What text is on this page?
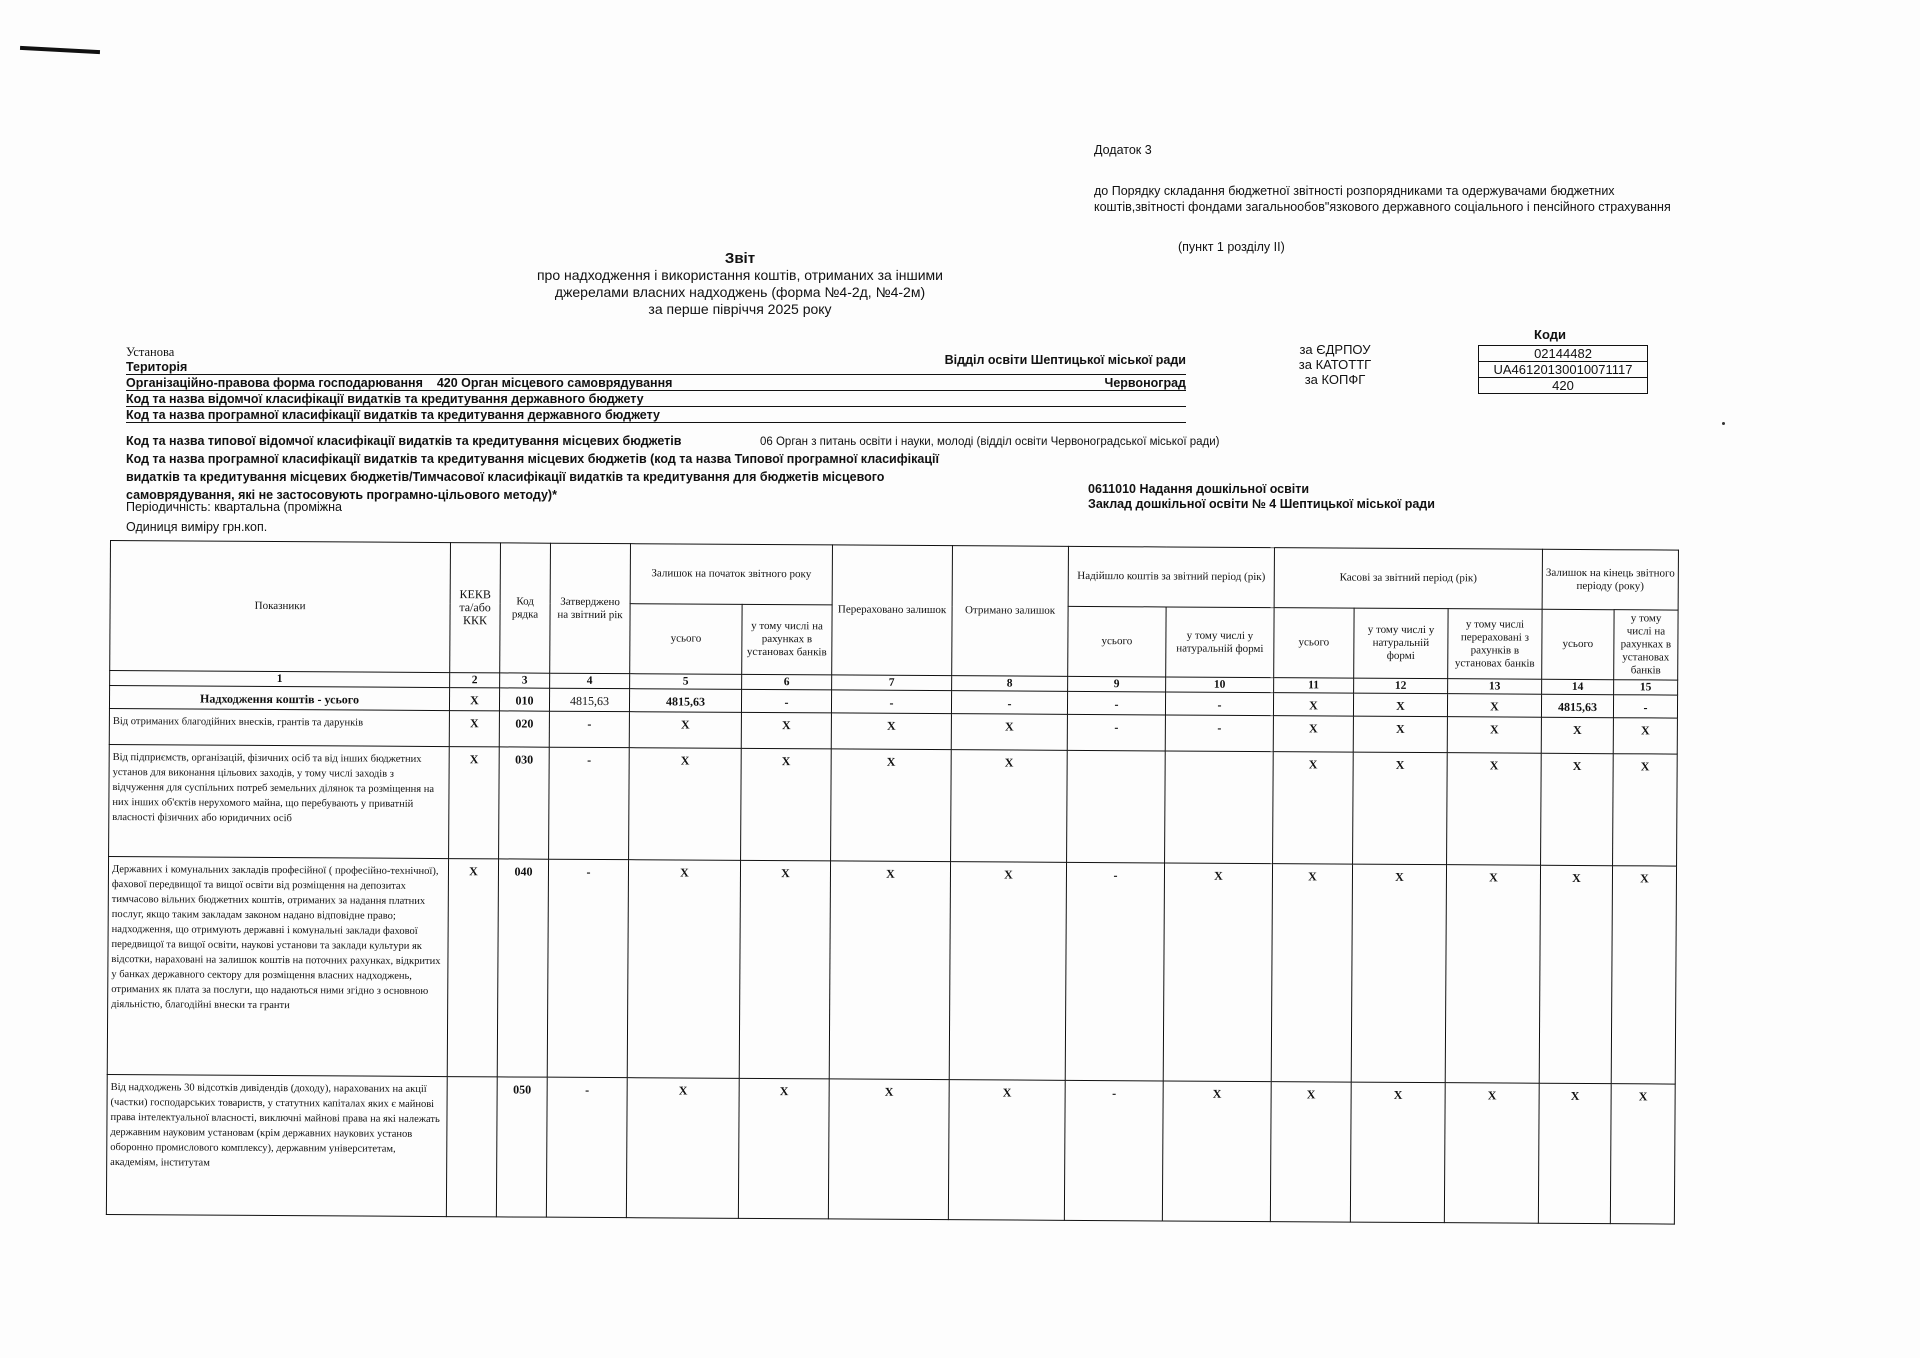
Додаток 3
до Порядку складання бюджетної звітності розпорядниками та одержувачами бюджетних коштів,звітності фондами загальнообов"язкового державного соціального і пенсійного страхування
(пункт 1 розділу II)
Звіт
про надходження і використання коштів, отриманих за іншими
джерелами власних надходжень (форма №4-2д, №4-2м)
за перше півріччя 2025 року
за ЄДРПОУ
за КАТОТТГ
за КОПФГ
Коди
02144482
UA46120130010071117
420
Установа
Територія	Відділ освіти Шептицької міської ради
Організаційно-правова форма господарювання 420 Орган місцевого самоврядування	Червоноград
Код та назва відомчої класифікації видатків та кредитування державного бюджету
Код та назва програмної класифікації видатків та кредитування державного бюджету
Код та назва типової відомчої класифікації видатків та кредитування місцевих бюджетів	06 Орган з питань освіти і науки, молоді (відділ освіти Червоноградської міської ради)
Код та назва програмної класифікації видатків та кредитування місцевих бюджетів (код та назва Типової програмної класифікації видатків та кредитування місцевих бюджетів/Тимчасової класифікації видатків та кредитування для бюджетів місцевого самоврядування, які не застосовують програмно-цільового методу)*	0611010 Надання дошкільної освіти
Заклад дошкільної освіти № 4 Шептицької міської ради
Періодичність: квартальна (проміжна
Одиниця виміру грн.коп.
Показники	КЕКВ та/або ККК	Код рядка	Затверджено на звітний рік	Залишок на початок звітного року		Перераховано залишок	Отримано залишок	Надійшло коштів за звітний період (рік)		Касові за звітний період (рік)			Залишок на кінець звітного періоду (року)	
				усього	у тому числі на рахунках в установах банків			усього	у тому числі у натуральній формі	усього	у тому числі у натуральній формі	у тому числі перераховані з рахунків в установах банків	усього	у тому числі на рахунках в установах банків
1	2	3	4	5	6	7	8	9	10	11	12	13	14	15
Надходження коштів - усього	X	010	4815,63	4815,63	-	-	-	-	-	X	X	X	4815,63	-
Від отриманих благодійних внесків, грантів та дарунків	X	020	-	X	X	X	X	-	-	X	X	X	X	X
Від підприємств, організацій, фізичних осіб та від інших бюджетних установ для виконання цільових заходів, у тому числі заходів з відчуження для суспільних потреб земельних ділянок та розміщення на них інших об'єктів нерухомого майна, що перебувають у приватній власності фізичних або юридичних осіб	X	030	-	X	X	X	X			X	X	X	X	X
Державних і комунальних закладів професійної ( професійно-технічної), фахової передвищої та вищої освіти від розміщення на депозитах тимчасово вільних бюджетних коштів, отриманих за надання платних послуг, якщо таким закладам законом надано відповідне право; надходження, що отримують державні і комунальні заклади фахової передвищої та вищої освіти, наукові установи та заклади культури як відсотки, нараховані на залишок коштів на поточних рахунках, відкритих у банках державного сектору для розміщення власних надходжень, отриманих як плата за послуги, що надаються ними згідно з основною діяльністю, благодійні внески та гранти	X	040	-	X	X	X	X	-	X	X	X	X	X	X
Від надходжень 30 відсотків дивідендів (доходу), нарахованих на акції (частки) господарських товариств, у статутних капіталах яких є майнові права інтелектуальної власності, виключні майнові права на які належать державним науковим установам (крім державних наукових установ оборонно промислового комплексу), державним університетам, академіям, інститутам		050	-	X	X	X	X	-	X	X	X	X	X	X
